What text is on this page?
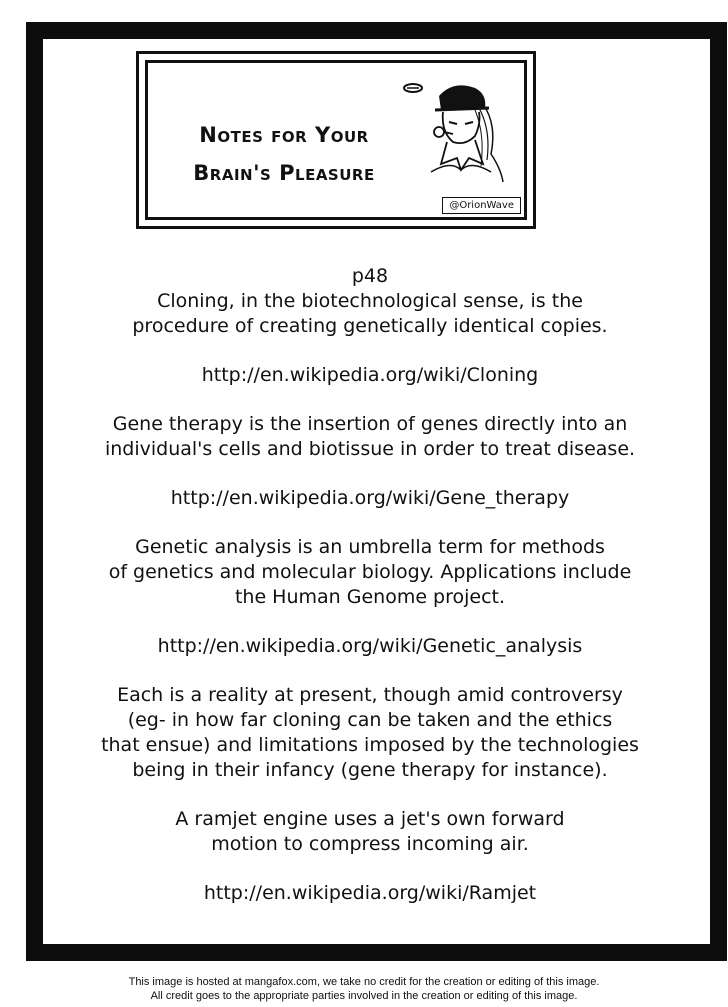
Notes for Your
Brain's Pleasure
@OrionWave

p48

Cloning, in the biotechnological sense, is the

procedure of creating genetically identical copies.

http://en.wikipedia.org/wiki/Cloning

Gene therapy is the insertion of genes directly into an

individual's cells and biotissue in order to treat disease.

http://en.wikipedia.org/wiki/Gene_therapy

Genetic analysis is an umbrella term for methods

of genetics and molecular biology. Applications include

the Human Genome project.

http://en.wikipedia.org/wiki/Genetic_analysis

Each is a reality at present, though amid controversy

(eg- in how far cloning can be taken and the ethics

that ensue) and limitations imposed by the technologies

being in their infancy (gene therapy for instance).

A ramjet engine uses a jet's own forward

motion to compress incoming air.

http://en.wikipedia.org/wiki/Ramjet

This image is hosted at mangafox.com, we take no credit for the creation or editing of this image.
All credit goes to the appropriate parties involved in the creation or editing of this image.
